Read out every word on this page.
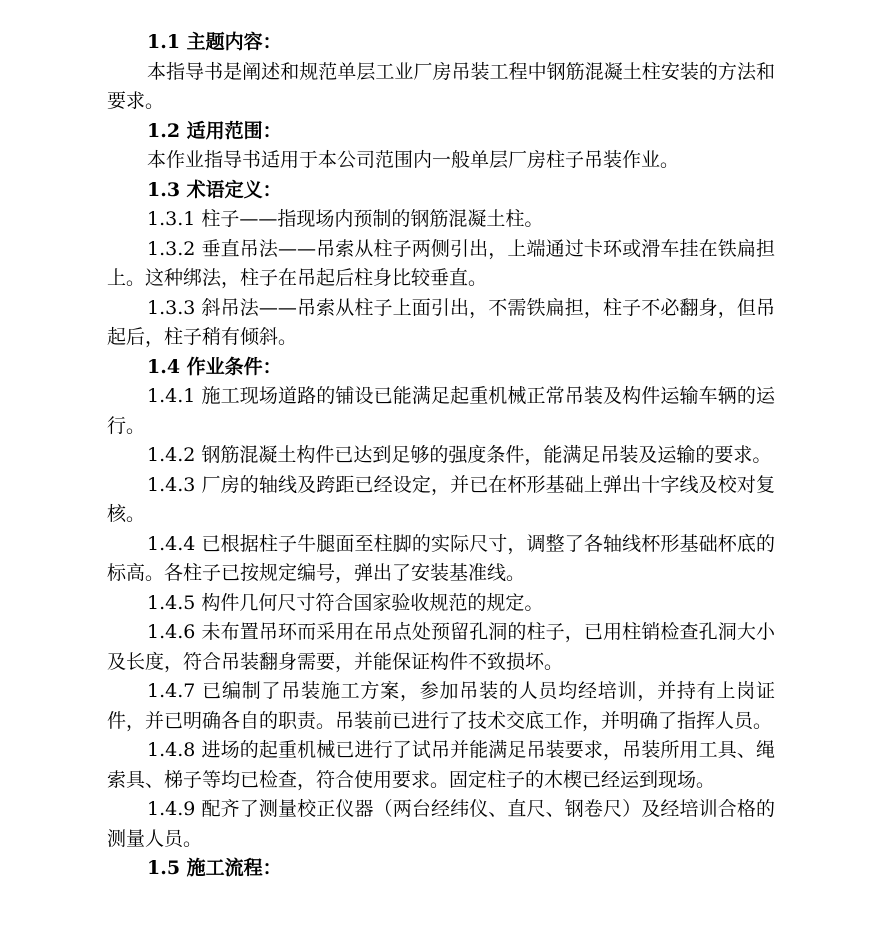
1.1 主题内容：

本指导书是阐述和规范单层工业厂房吊装工程中钢筋混凝土柱安装的方法和要求。

1.2 适用范围：

本作业指导书适用于本公司范围内一般单层厂房柱子吊装作业。

1.3 术语定义：

1.3.1 柱子——指现场内预制的钢筋混凝土柱。

1.3.2 垂直吊法——吊索从柱子两侧引出，上端通过卡环或滑车挂在铁扁担上。这种绑法，柱子在吊起后柱身比较垂直。

1.3.3 斜吊法——吊索从柱子上面引出，不需铁扁担，柱子不必翻身，但吊起后，柱子稍有倾斜。

1.4 作业条件：

1.4.1 施工现场道路的铺设已能满足起重机械正常吊装及构件运输车辆的运行。

1.4.2 钢筋混凝土构件已达到足够的强度条件，能满足吊装及运输的要求。

1.4.3 厂房的轴线及跨距已经设定，并已在杯形基础上弹出十字线及校对复核。

1.4.4 已根据柱子牛腿面至柱脚的实际尺寸，调整了各轴线杯形基础杯底的标高。各柱子已按规定编号，弹出了安装基准线。

1.4.5 构件几何尺寸符合国家验收规范的规定。

1.4.6 未布置吊环而采用在吊点处预留孔洞的柱子，已用柱销检查孔洞大小及长度，符合吊装翻身需要，并能保证构件不致损坏。

1.4.7 已编制了吊装施工方案，参加吊装的人员均经培训，并持有上岗证件，并已明确各自的职责。吊装前已进行了技术交底工作，并明确了指挥人员。

1.4.8 进场的起重机械已进行了试吊并能满足吊装要求，吊装所用工具、绳索具、梯子等均已检查，符合使用要求。固定柱子的木楔已经运到现场。

1.4.9 配齐了测量校正仪器（两台经纬仪、直尺、钢卷尺）及经培训合格的测量人员。

1.5 施工流程：
